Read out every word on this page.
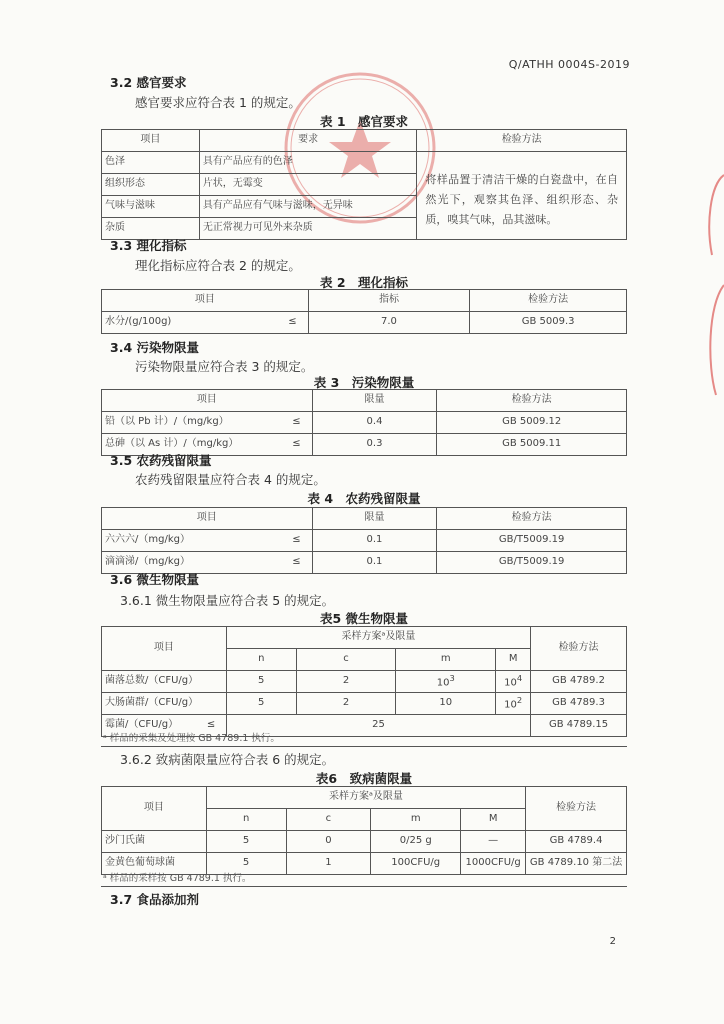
Q/ATHH 0004S-2019
3.2 感官要求
感官要求应符合表 1 的规定。
表 1　感官要求
项目	要求	检验方法
色泽	具有产品应有的色泽	将样品置于清洁干燥的白瓷盘中，在自然光下，观察其色泽、组织形态、杂质，嗅其气味，品其滋味。
组织形态	片状，无霉变	
气味与滋味	具有产品应有气味与滋味，无异味	
杂质	无正常视力可见外来杂质	
3.3 理化指标
理化指标应符合表 2 的规定。
表 2　理化指标
项目		指标	检验方法
水分/(g/100g)	≤	7.0	GB 5009.3
3.4 污染物限量
污染物限量应符合表 3 的规定。
表 3　污染物限量
项目		限量	检验方法
铅（以 Pb 计）/（mg/kg）	≤	0.4	GB 5009.12
总砷（以 As 计）/（mg/kg）	≤	0.3	GB 5009.11
3.5 农药残留限量
农药残留限量应符合表 4 的规定。
表 4　农药残留限量
项目		限量	检验方法
六六六/（mg/kg）	≤	0.1	GB/T5009.19
滴滴涕/（mg/kg）	≤	0.1	GB/T5009.19
3.6 微生物限量
3.6.1 微生物限量应符合表 5 的规定。
表5 微生物限量
项目		采样方案ᵃ及限量				检验方法
		n	c	m	M	
菌落总数/（CFU/g）		5	2	$10^3$	$10^4$	GB 4789.2
大肠菌群/（CFU/g）		5	2	10	$10^2$	GB 4789.3
霉菌/（CFU/g）	≤	25				GB 4789.15
ᵃ 样品的采集及处理按 GB 4789.1 执行。
3.6.2 致病菌限量应符合表 6 的规定。
表6　致病菌限量
项目	采样方案ᵃ及限量				检验方法
	n	c	m	M	
沙门氏菌	5	0	0/25 g	—	GB 4789.4
金黄色葡萄球菌	5	1	100CFU/g	1000CFU/g	GB 4789.10 第二法
ᵃ 样品的采样按 GB 4789.1 执行。
3.7 食品添加剂
2
